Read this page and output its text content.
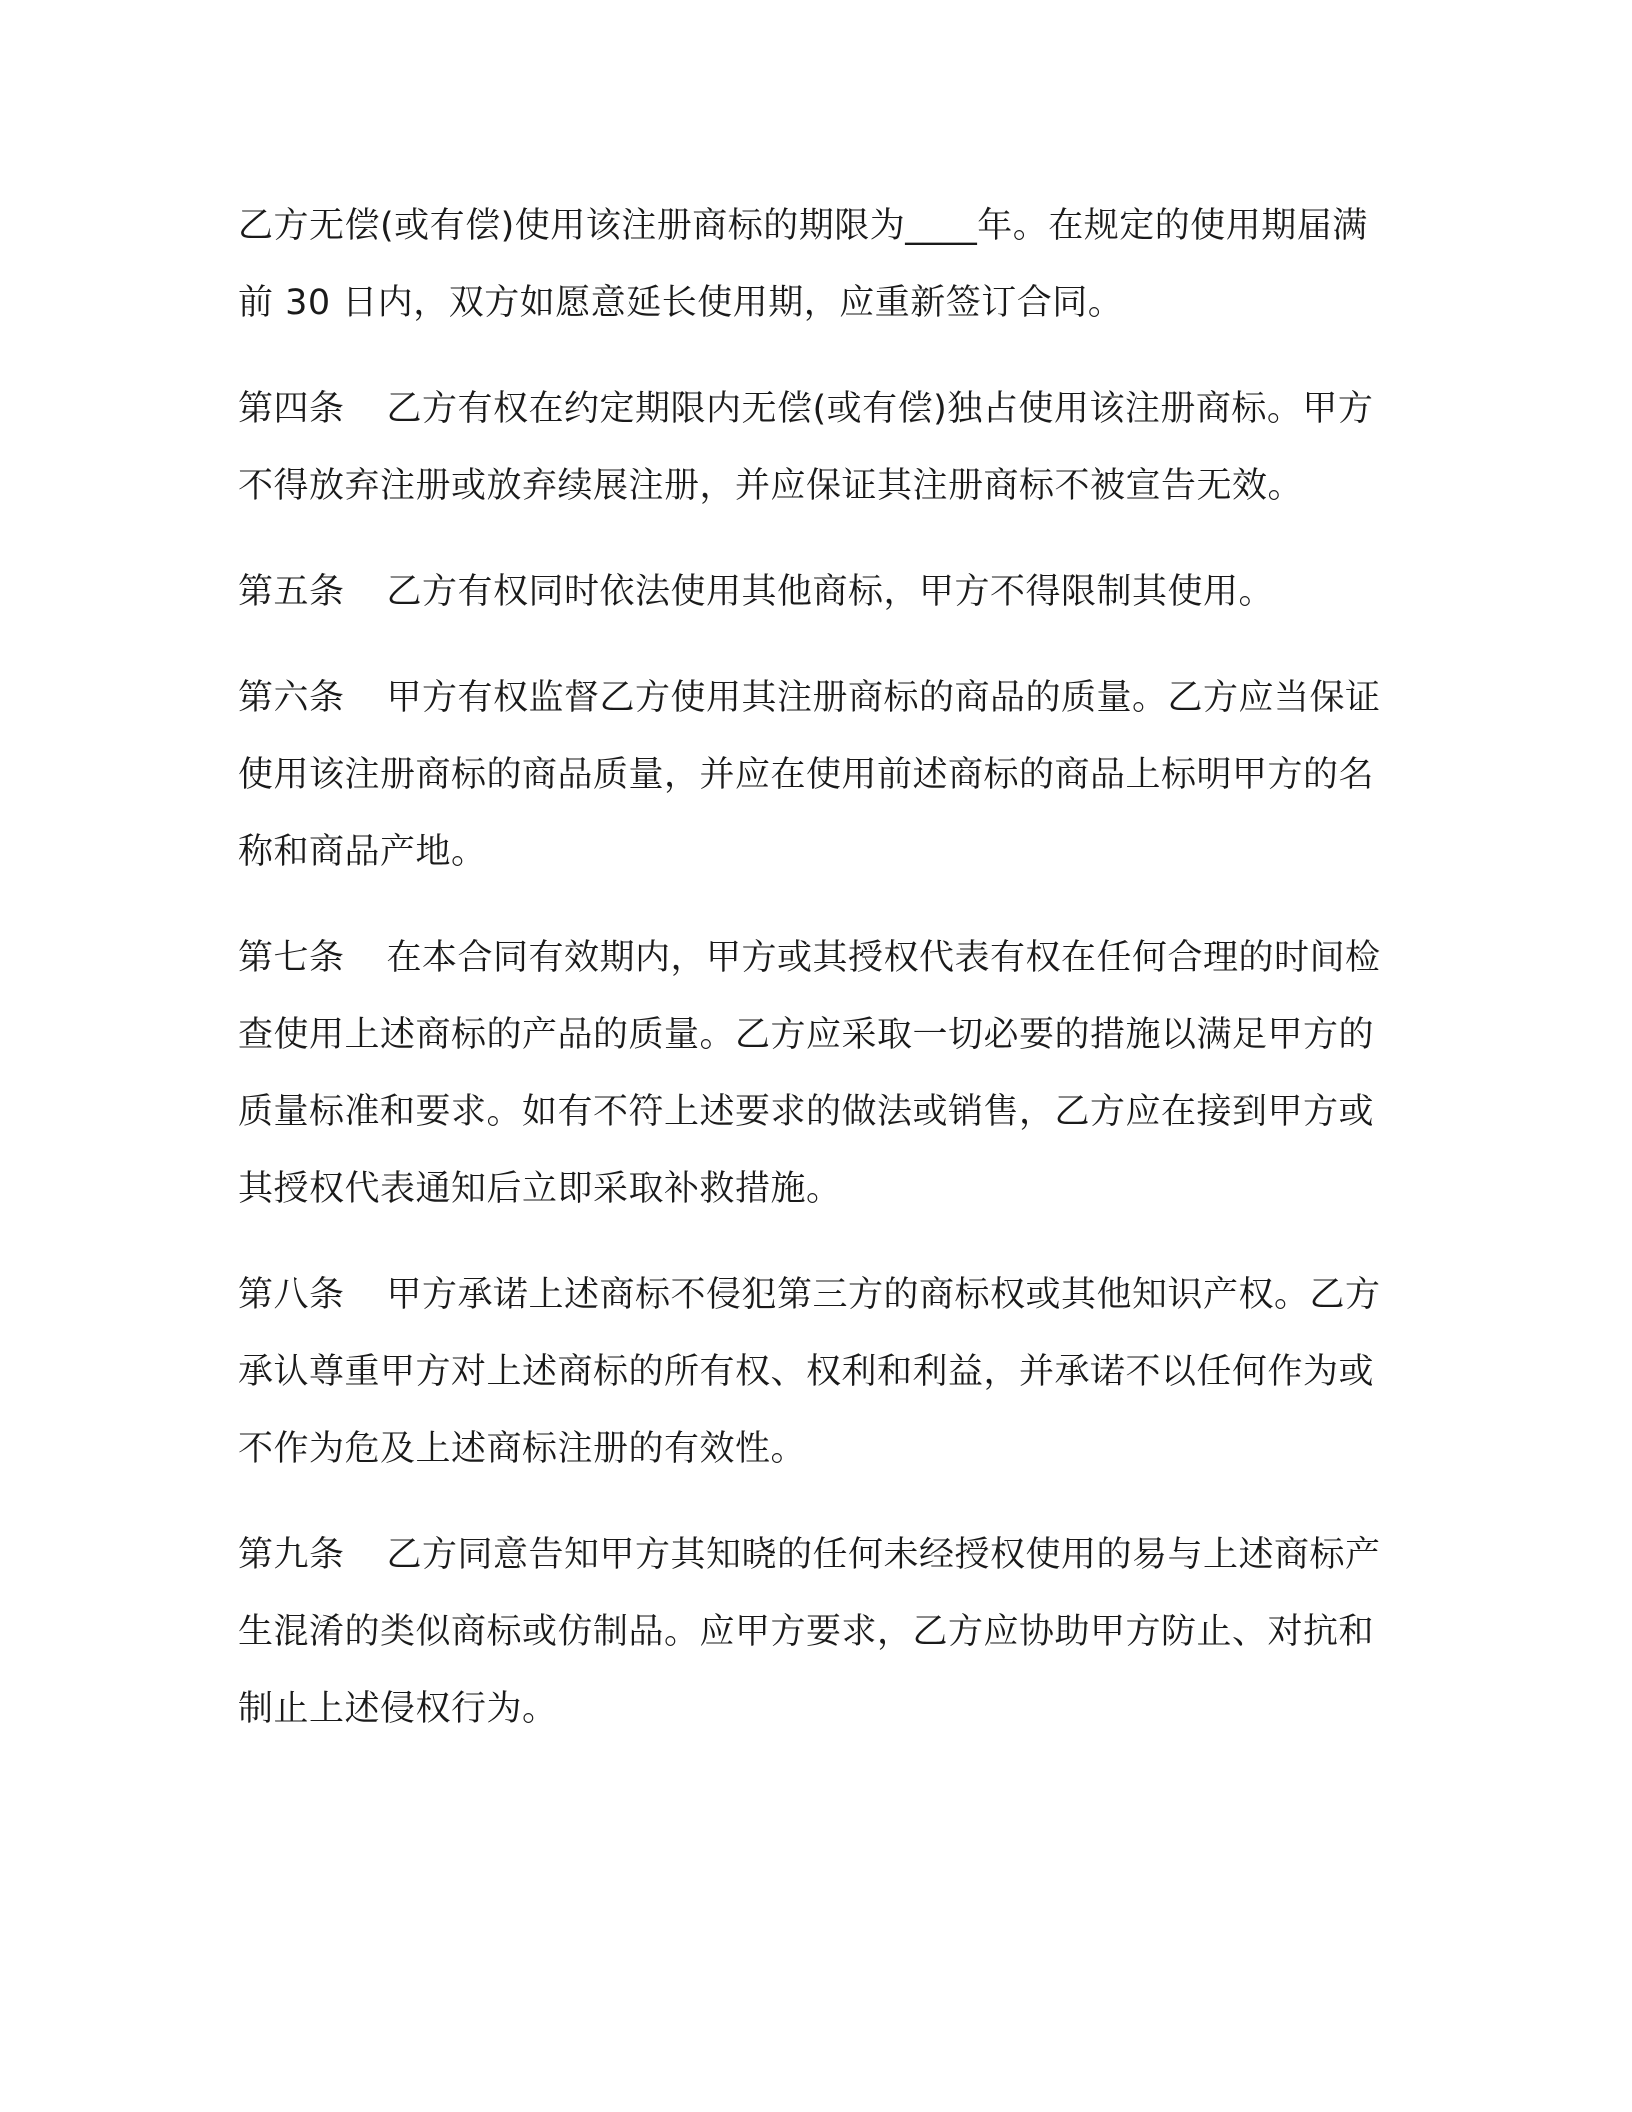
乙方无偿(或有偿)使用该注册商标的期限为____年。在规定的使用期届满前 30 日内，双方如愿意延长使用期，应重新签订合同。

第四条 乙方有权在约定期限内无偿(或有偿)独占使用该注册商标。甲方不得放弃注册或放弃续展注册，并应保证其注册商标不被宣告无效。

第五条 乙方有权同时依法使用其他商标，甲方不得限制其使用。

第六条 甲方有权监督乙方使用其注册商标的商品的质量。乙方应当保证使用该注册商标的商品质量，并应在使用前述商标的商品上标明甲方的名称和商品产地。

第七条 在本合同有效期内，甲方或其授权代表有权在任何合理的时间检查使用上述商标的产品的质量。乙方应采取一切必要的措施以满足甲方的质量标准和要求。如有不符上述要求的做法或销售，乙方应在接到甲方或其授权代表通知后立即采取补救措施。

第八条 甲方承诺上述商标不侵犯第三方的商标权或其他知识产权。乙方承认尊重甲方对上述商标的所有权、权利和利益，并承诺不以任何作为或不作为危及上述商标注册的有效性。

第九条 乙方同意告知甲方其知晓的任何未经授权使用的易与上述商标产生混淆的类似商标或仿制品。应甲方要求，乙方应协助甲方防止、对抗和制止上述侵权行为。
